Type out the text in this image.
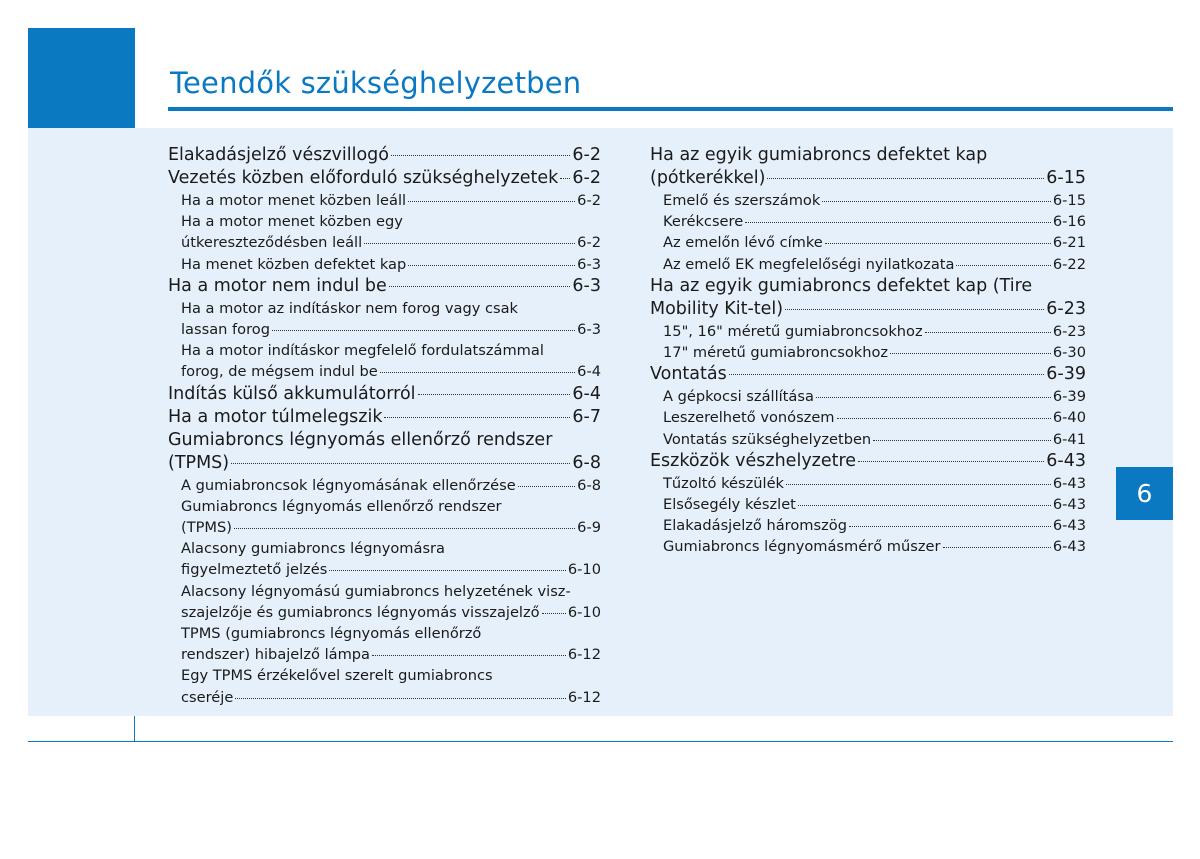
Teendők szükséghelyzetben
6
Elakadásjelző vészvillogó	6-2
Vezetés közben előforduló szükséghelyzetek 6-2
Ha a motor menet közben leáll	6-2
Ha a motor menet közben egy
útkereszteződésben leáll	6-2
Ha menet közben defektet kap	6-3
Ha a motor nem indul be	6-3
Ha a motor az indításkor nem forog vagy csak
lassan forog	6-3
Ha a motor indításkor megfelelő fordulatszámmal
forog, de mégsem indul be	6-4
Indítás külső akkumulátorról	6-4
Ha a motor túlmelegszik	6-7
Gumiabroncs légnyomás ellenőrző rendszer
(TPMS)	6-8
A gumiabroncsok légnyomásának ellenőrzése	6-8
Gumiabroncs légnyomás ellenőrző rendszer
(TPMS)	6-9
Alacsony gumiabroncs légnyomásra
figyelmeztető jelzés	6-10
Alacsony légnyomású gumiabroncs helyzetének visz-
szajelzője és gumiabroncs légnyomás visszajelző 6-10
TPMS (gumiabroncs légnyomás ellenőrző
rendszer) hibajelző lámpa	6-12
Egy TPMS érzékelővel szerelt gumiabroncs
cseréje	6-12
Ha az egyik gumiabroncs defektet kap
(pótkerékkel)	6-15
Emelő és szerszámok	6-15
Kerékcsere	6-16
Az emelőn lévő címke	6-21
Az emelő EK megfelelőségi nyilatkozata	6-22
Ha az egyik gumiabroncs defektet kap (Tire
Mobility Kit-tel)	6-23
15", 16" méretű gumiabroncsokhoz	6-23
17" méretű gumiabroncsokhoz	6-30
Vontatás	6-39
A gépkocsi szállítása	6-39
Leszerelhető vonószem	6-40
Vontatás szükséghelyzetben	6-41
Eszközök vészhelyzetre	6-43
Tűzoltó készülék	6-43
Elsősegély készlet	6-43
Elakadásjelző háromszög	6-43
Gumiabroncs légnyomásmérő műszer	6-43
